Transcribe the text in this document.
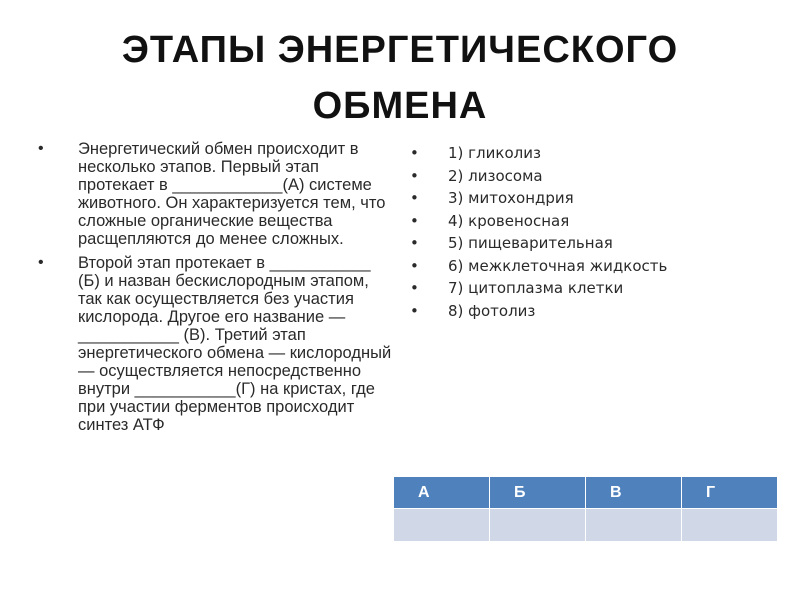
ЭТАПЫ ЭНЕРГЕТИЧЕСКОГО ОБМЕНА
• Энергетический обмен происходит в несколько этапов. Первый этап протекает в ____________(А) системе животного. Он характеризуется тем, что сложные органические вещества расщепляются до менее сложных.
• Второй этап протекает в ___________ (Б) и назван бескислородным этапом, так как осуществляется без участия кислорода. Другое его название — ___________ (В). Третий этап энергетического обмена — кислородный — осуществляется непосредственно внутри ___________(Г) на кристах, где при участии ферментов происходит синтез АТФ
• 1) гликолиз
• 2) лизосома
• 3) митохондрия
• 4) кровеносная
• 5) пищеварительная
• 6) межклеточная жидкость
• 7) цитоплазма клетки
• 8) фотолиз
А	Б	В	Г
